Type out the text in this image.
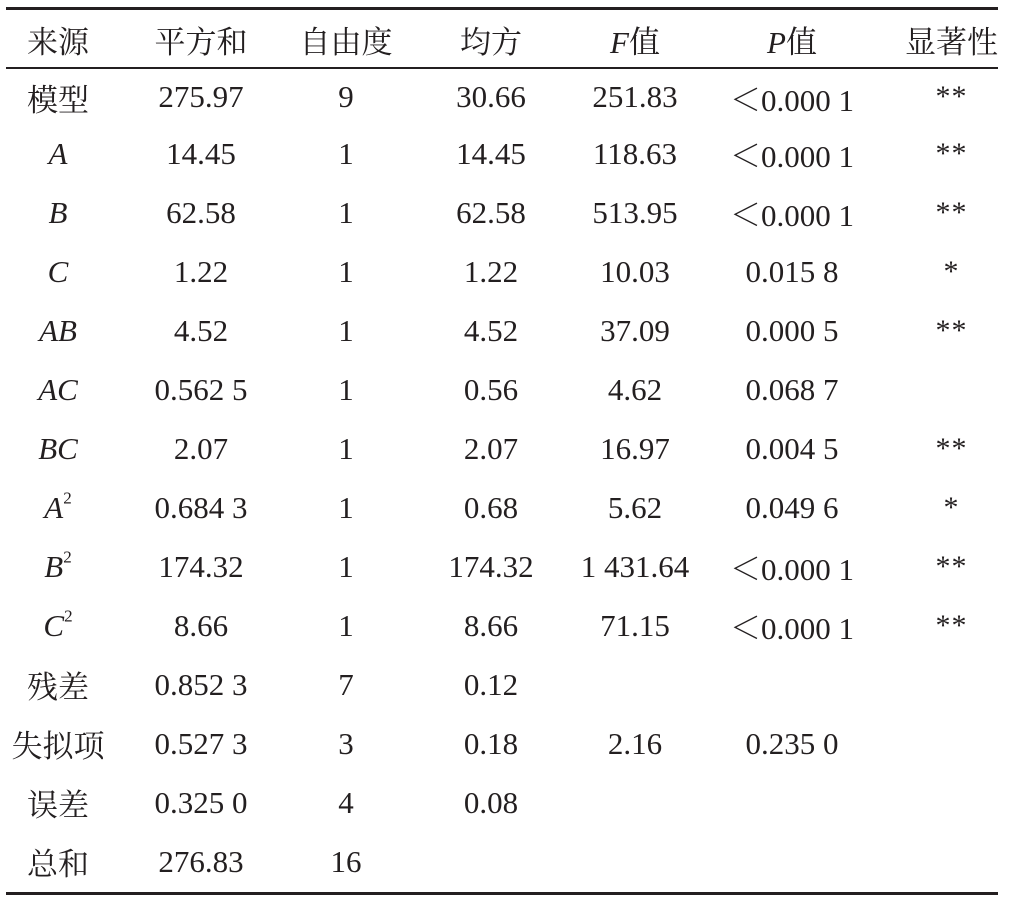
来源	平方和	自由度	均方	F值	P值	显著性
模型	275.97	9	30.66	251.83	＜0.000 1	**
A	14.45	1	14.45	118.63	＜0.000 1	**
B	62.58	1	62.58	513.95	＜0.000 1	**
C	1.22	1	1.22	10.03	0.015 8	*
AB	4.52	1	4.52	37.09	0.000 5	**
AC	0.562 5	1	0.56	4.62	0.068 7	
BC	2.07	1	2.07	16.97	0.004 5	**
$A^2$	0.684 3	1	0.68	5.62	0.049 6	*
$B^2$	174.32	1	174.32	1 431.64	＜0.000 1	**
$C^2$	8.66	1	8.66	71.15	＜0.000 1	**
残差	0.852 3	7	0.12			
失拟项	0.527 3	3	0.18	2.16	0.235 0	
误差	0.325 0	4	0.08			
总和	276.83	16				
